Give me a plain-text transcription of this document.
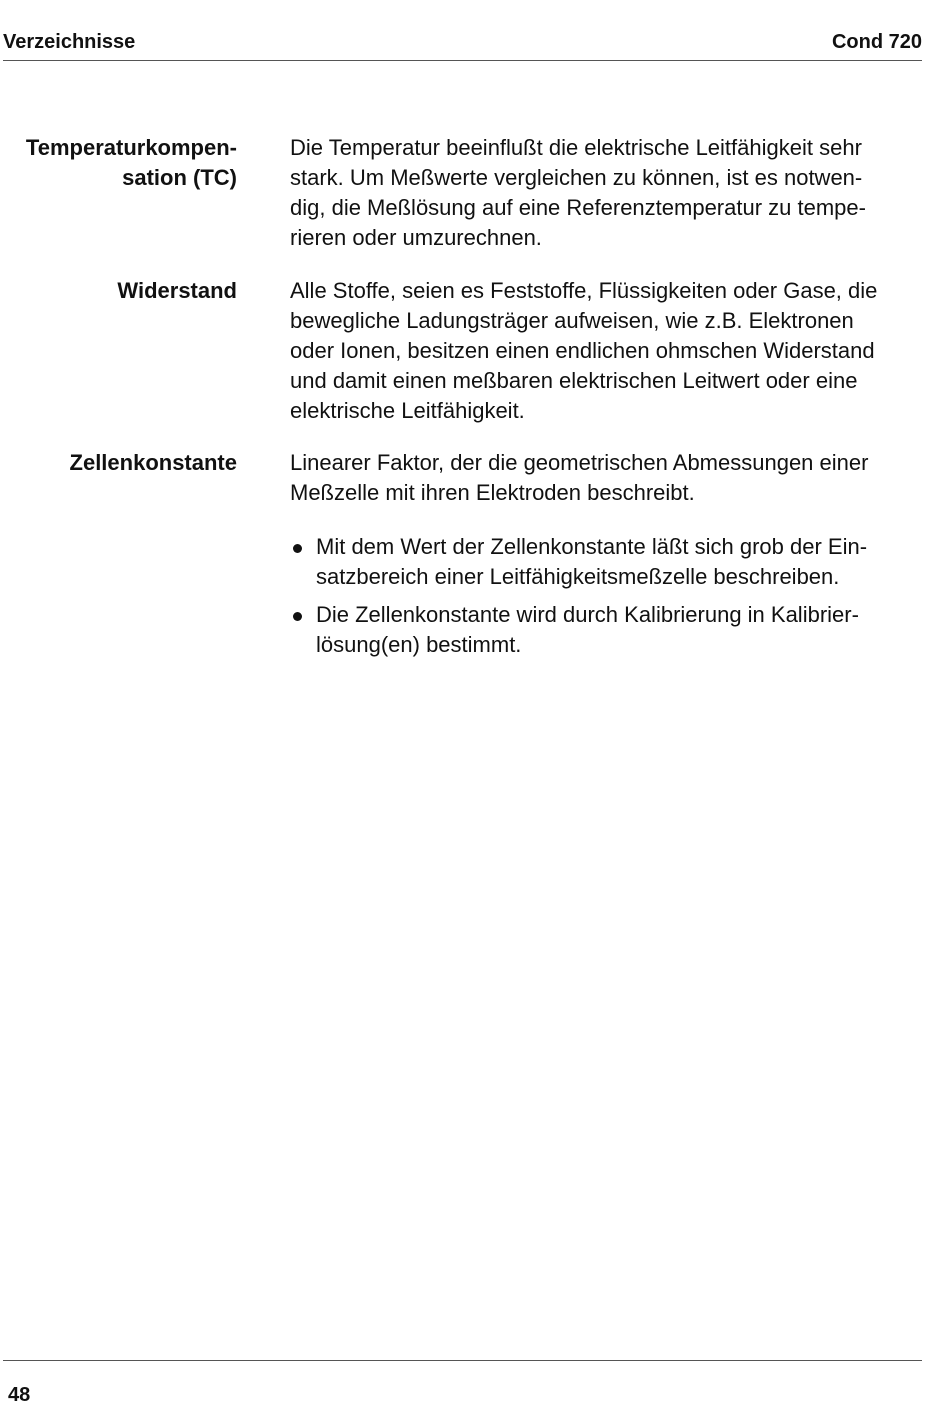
Verzeichnisse	Cond 720
Temperaturkompen-
sation (TC)
Die Temperatur beeinflußt die elektrische Leitfähigkeit sehr
stark. Um Meßwerte vergleichen zu können, ist es notwen-
dig, die Meßlösung auf eine Referenztemperatur zu tempe-
rieren oder umzurechnen.
Widerstand Alle Stoffe, seien es Feststoffe, Flüssigkeiten oder Gase, die
bewegliche Ladungsträger aufweisen, wie z.B. Elektronen
oder Ionen, besitzen einen endlichen ohmschen Widerstand
und damit einen meßbaren elektrischen Leitwert oder eine
elektrische Leitfähigkeit.
Zellenkonstante Linearer Faktor, der die geometrischen Abmessungen einer
Meßzelle mit ihren Elektroden beschreibt.
Mit dem Wert der Zellenkonstante läßt sich grob der Ein-
satzbereich einer Leitfähigkeitsmeßzelle beschreiben.
Die Zellenkonstante wird durch Kalibrierung in Kalibrier-
lösung(en) bestimmt.
48
